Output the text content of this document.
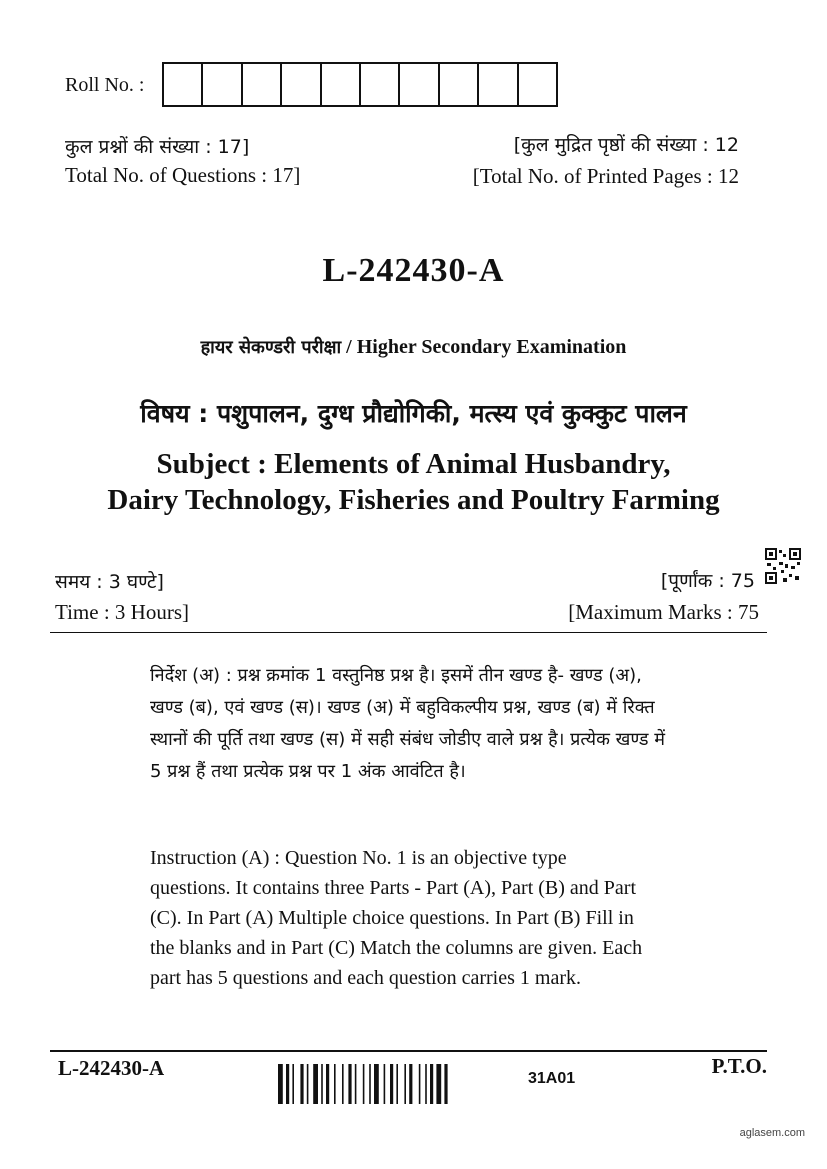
Roll No. :
कुल प्रश्नों की संख्या : 17]
Total No. of Questions : 17]
[कुल मुद्रित पृष्ठों की संख्या : 12
[Total No. of Printed Pages : 12
L-242430-A
हायर सेकण्डरी परीक्षा / Higher Secondary Examination
विषय : पशुपालन, दुग्ध प्रौद्योगिकी, मत्स्य एवं कुक्कुट पालन
Subject : Elements of Animal Husbandry,
Dairy Technology, Fisheries and Poultry Farming
समय : 3 घण्टे]
Time : 3 Hours]
[पूर्णांक : 75
[Maximum Marks : 75
निर्देश (अ) : प्रश्न क्रमांक 1 वस्तुनिष्ठ प्रश्न है। इसमें तीन खण्ड है- खण्ड (अ), खण्ड (ब), एवं खण्ड (स)। खण्ड (अ) में बहुविकल्पीय प्रश्न, खण्ड (ब) में रिक्त स्थानों की पूर्ति तथा खण्ड (स) में सही संबंध जोडीए वाले प्रश्न है। प्रत्येक खण्ड में 5 प्रश्न हैं तथा प्रत्येक प्रश्न पर 1 अंक आवंटित है।
Instruction (A) : Question No. 1 is an objective type questions. It contains three Parts - Part (A), Part (B) and Part (C). In Part (A) Multiple choice questions. In Part (B) Fill in the blanks and in Part (C) Match the columns are given. Each part has 5 questions and each question carries 1 mark.
L-242430-A	31A01
P.T.O.
aglasem.com
